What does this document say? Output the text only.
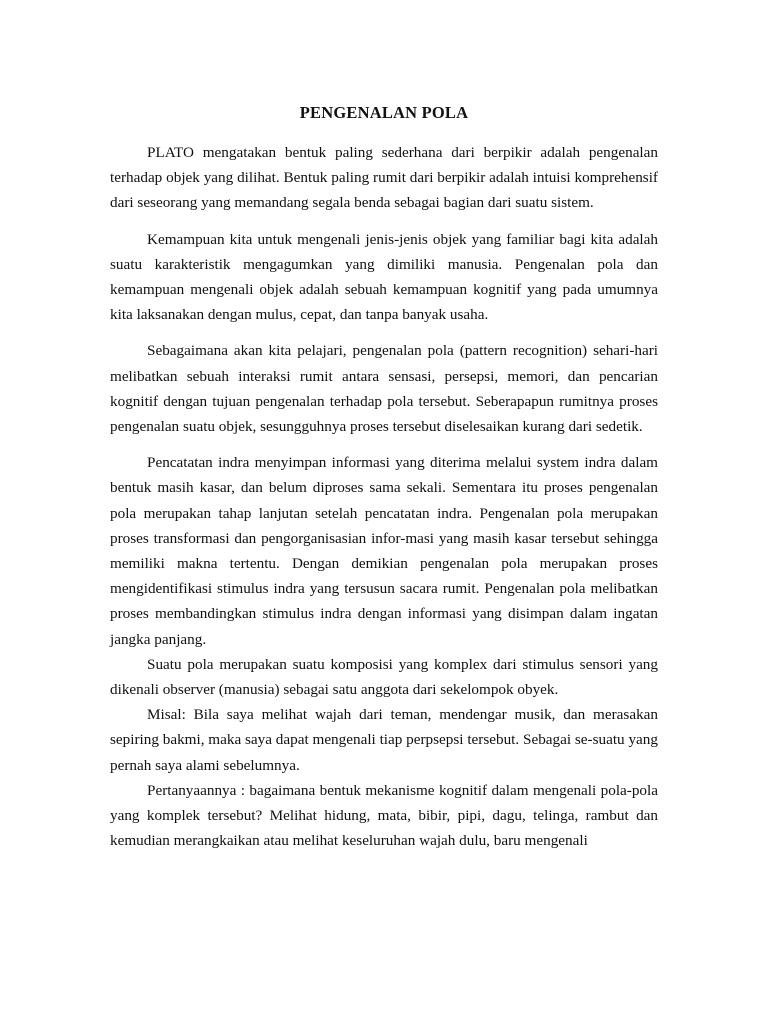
PENGENALAN POLA

PLATO mengatakan bentuk paling sederhana dari berpikir adalah pengenalan terhadap objek yang dilihat. Bentuk paling rumit dari berpikir adalah intuisi komprehensif dari seseorang yang memandang segala benda sebagai bagian dari suatu sistem.

Kemampuan kita untuk mengenali jenis-jenis objek yang familiar bagi kita adalah suatu karakteristik mengagumkan yang dimiliki manusia. Pengenalan pola dan kemampuan mengenali objek adalah sebuah kemampuan kognitif yang pada umumnya kita laksanakan dengan mulus, cepat, dan tanpa banyak usaha.

Sebagaimana akan kita pelajari, pengenalan pola (pattern recognition) sehari-hari melibatkan sebuah interaksi rumit antara sensasi, persepsi, memori, dan pencarian kognitif dengan tujuan pengenalan terhadap pola tersebut. Seberapapun rumitnya proses pengenalan suatu objek, sesungguhnya proses tersebut diselesaikan kurang dari sedetik.

Pencatatan indra menyimpan informasi yang diterima melalui system indra dalam bentuk masih kasar, dan belum diproses sama sekali. Sementara itu proses pengenalan pola merupakan tahap lanjutan setelah pencatatan indra. Pengenalan pola merupakan proses transformasi dan pengorganisasian infor-masi yang masih kasar tersebut sehingga memiliki makna tertentu. Dengan demikian pengenalan pola merupakan proses mengidentifikasi stimulus indra yang tersusun sacara rumit. Pengenalan pola melibatkan proses membandingkan stimulus indra dengan informasi yang disimpan dalam ingatan jangka panjang.

Suatu pola merupakan suatu komposisi yang komplex dari stimulus sensori yang dikenali observer (manusia) sebagai satu anggota dari sekelompok obyek.

Misal: Bila saya melihat wajah dari teman, mendengar musik, dan merasakan sepiring bakmi, maka saya dapat mengenali tiap perpsepsi tersebut. Sebagai se-suatu yang pernah saya alami sebelumnya.

Pertanyaannya : bagaimana bentuk mekanisme kognitif dalam mengenali pola-pola yang komplek tersebut? Melihat hidung, mata, bibir, pipi, dagu, telinga, rambut dan kemudian merangkaikan atau melihat keseluruhan wajah dulu, baru mengenali
